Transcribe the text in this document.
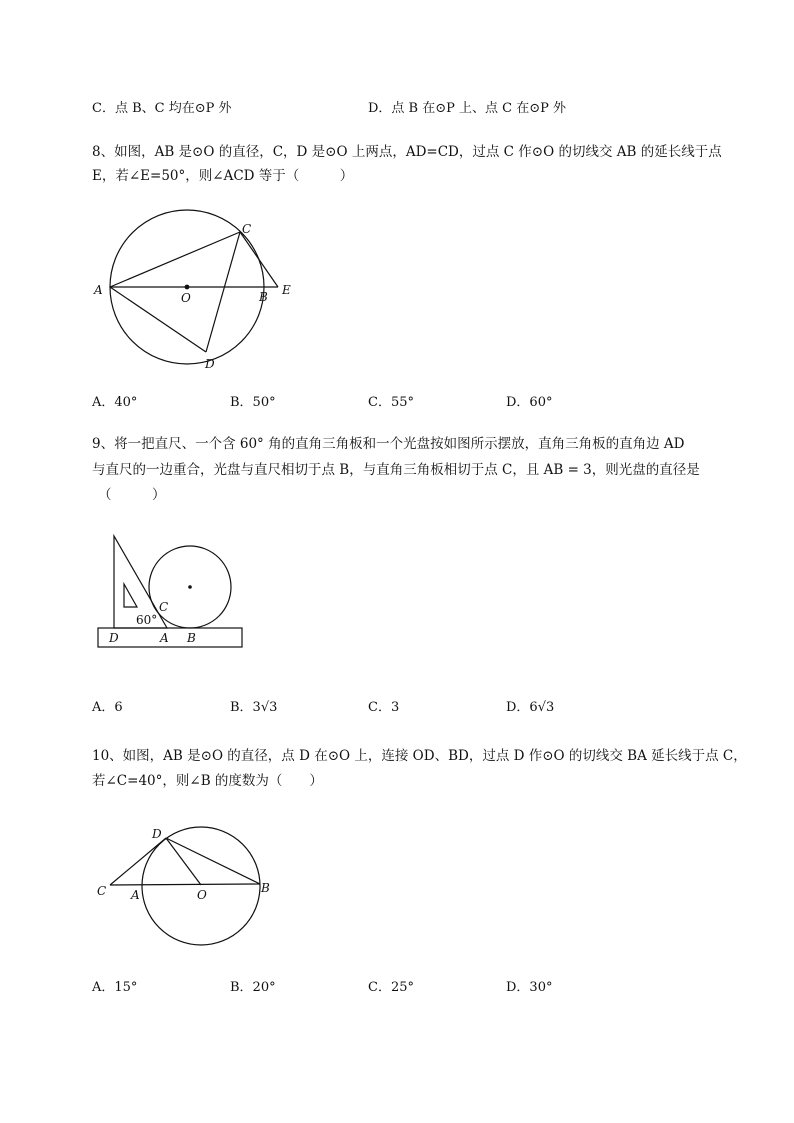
C．点 B、C 均在⊙P 外	D．点 B 在⊙P 上、点 C 在⊙P 外
8、如图，AB 是⊙O 的直径，C，D 是⊙O 上两点，AD=CD，过点 C 作⊙O 的切线交 AB 的延长线于点
E，若∠E=50°，则∠ACD 等于（　　　）
A
O	B E
C
D
A．40°	B．50°	C．55°	D．60°
9、将一把直尺、一个含 60° 角的直角三角板和一个光盘按如图所示摆放，直角三角板的直角边 AD
与直尺的一边重合，光盘与直尺相切于点 B，与直角三角板相切于点 C，且 AB = 3，则光盘的直径是
（　　　）
C
60°
D	A B
A．6	B．3√3	C．3	D．6√3
10、如图，AB 是⊙O 的直径，点 D 在⊙O 上，连接 OD、BD，过点 D 作⊙O 的切线交 BA 延长线于点 C，
若∠C=40°，则∠B 的度数为（　　）
D
C A	O	B
A．15°	B．20°	C．25°	D．30°
